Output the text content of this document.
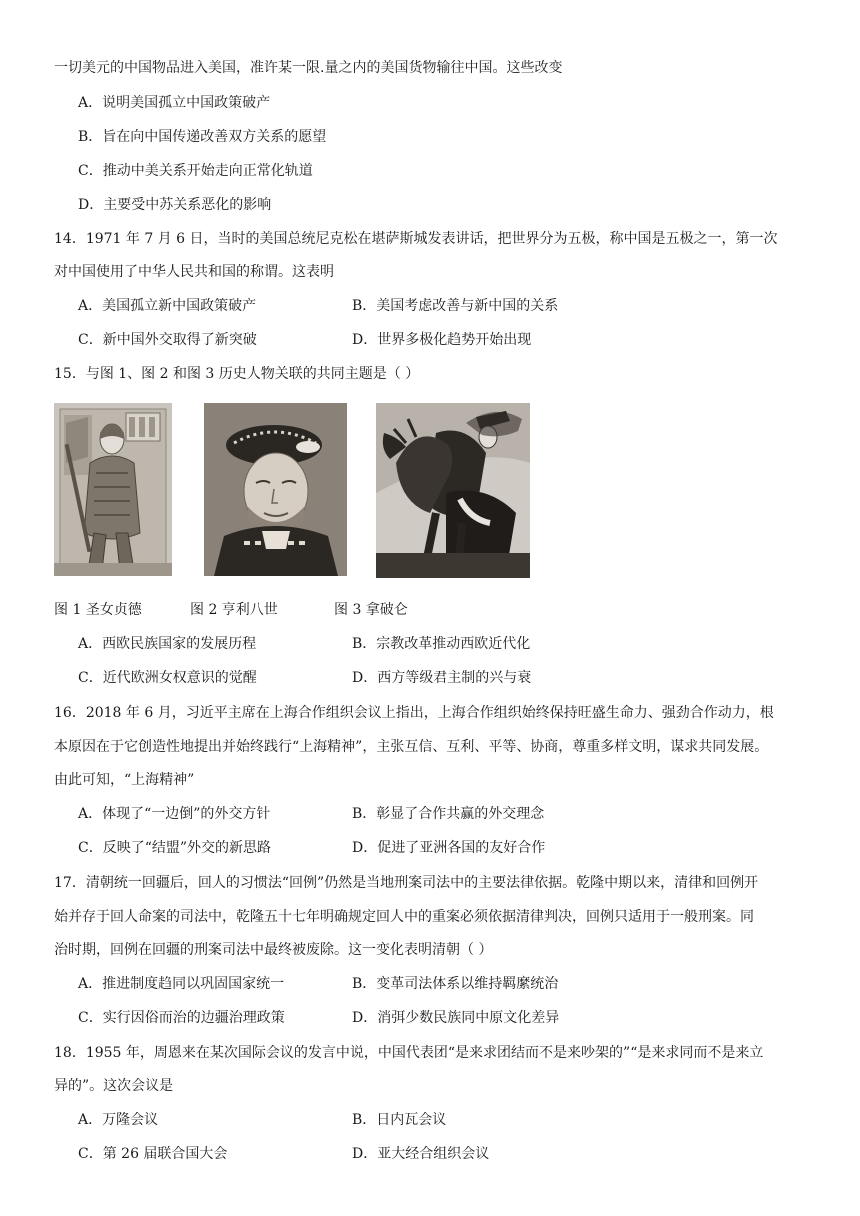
一切美元的中国物品进入美国，准许某一限.量之内的美国货物输往中国。这些改变
A．说明美国孤立中国政策破产
B．旨在向中国传递改善双方关系的愿望
C．推动中美关系开始走向正常化轨道
D．主要受中苏关系恶化的影响
14．1971 年 7 月 6 日，当时的美国总统尼克松在堪萨斯城发表讲话，把世界分为五极，称中国是五极之一，第一次
对中国使用了中华人民共和国的称谓。这表明
A．美国孤立新中国政策破产	B．美国考虑改善与新中国的关系
C．新中国外交取得了新突破	D．世界多极化趋势开始出现
15．与图 1、图 2 和图 3 历史人物关联的共同主题是（ ）
图 1 圣女贞德	图 2 亨利八世	图 3 拿破仑
A．西欧民族国家的发展历程	B．宗教改革推动西欧近代化
C．近代欧洲女权意识的觉醒	D．西方等级君主制的兴与衰
16．2018 年 6 月，习近平主席在上海合作组织会议上指出，上海合作组织始终保持旺盛生命力、强劲合作动力，根
本原因在于它创造性地提出并始终践行“上海精神”，主张互信、互利、平等、协商，尊重多样文明，谋求共同发展。
由此可知，“上海精神”
A．体现了“一边倒”的外交方针	B．彰显了合作共赢的外交理念
C．反映了“结盟”外交的新思路	D．促进了亚洲各国的友好合作
17．清朝统一回疆后，回人的习惯法“回例”仍然是当地刑案司法中的主要法律依据。乾隆中期以来，清律和回例开
始并存于回人命案的司法中，乾隆五十七年明确规定回人中的重案必须依据清律判决，回例只适用于一般刑案。同
治时期，回例在回疆的刑案司法中最终被废除。这一变化表明清朝（ ）
A．推进制度趋同以巩固国家统一	B．变革司法体系以维持羁縻统治
C．实行因俗而治的边疆治理政策	D．消弭少数民族同中原文化差异
18．1955 年，周恩来在某次国际会议的发言中说，中国代表团“是来求团结而不是来吵架的”“是来求同而不是来立
异的”。这次会议是
A．万隆会议	B．日内瓦会议
C．第 26 届联合国大会	D．亚大经合组织会议
